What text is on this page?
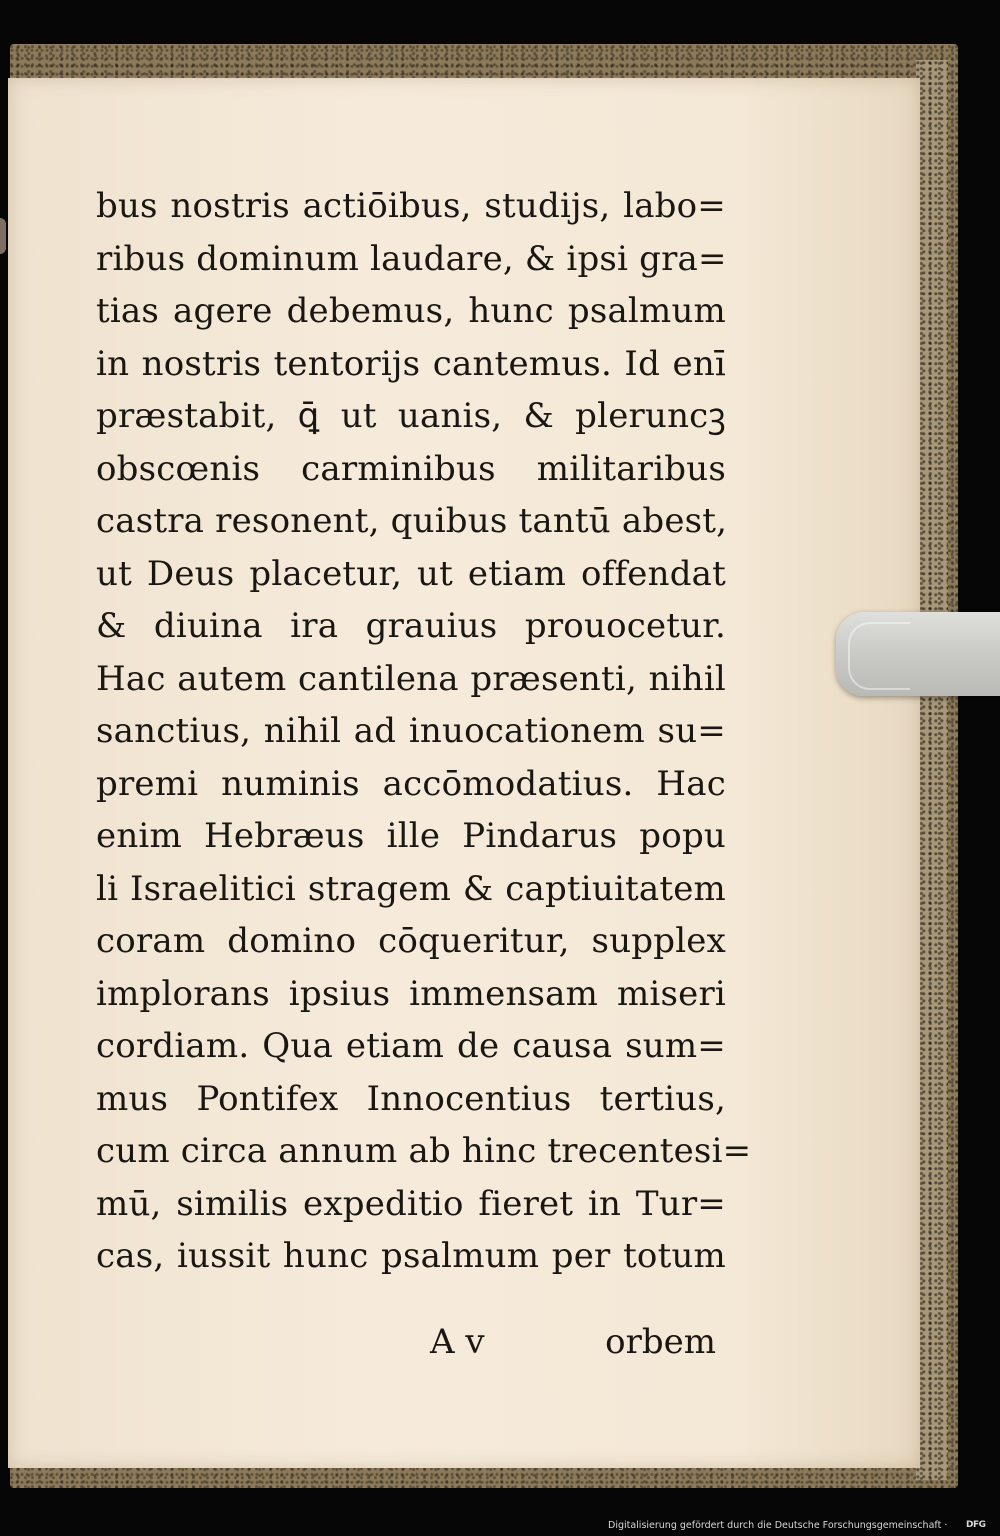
bus nostris actiōibus, studijs, labo=
ribus dominum laudare, & ipsi gra=
tias agere debemus, hunc psalmum
in nostris tentorijs cantemus. Id enī
præstabit, ꝗ̄ ut uanis, & pleruncꝫ
obscœnis carminibus militaribus
castra resonent, quibus tantū abest,
ut Deus placetur, ut etiam offendat
& diuina ira grauius prouocetur.
Hac autem cantilena præsenti, nihil
sanctius, nihil ad inuocationem su=
premi numinis accōmodatius. Hac
enim Hebræus ille Pindarus popu
li Israelitici stragem & captiuitatem
coram domino cōqueritur, supplex
implorans ipsius immensam miseri
cordiam. Qua etiam de causa sum=
mus Pontifex Innocentius tertius,
cum circa annum ab hinc trecentesi=
mū, similis expeditio fieret in Tur=
cas, iussit hunc psalmum per totum
A v	orbem
Digitalisierung gefördert durch die Deutsche Forschungsgemeinschaft · DFG
